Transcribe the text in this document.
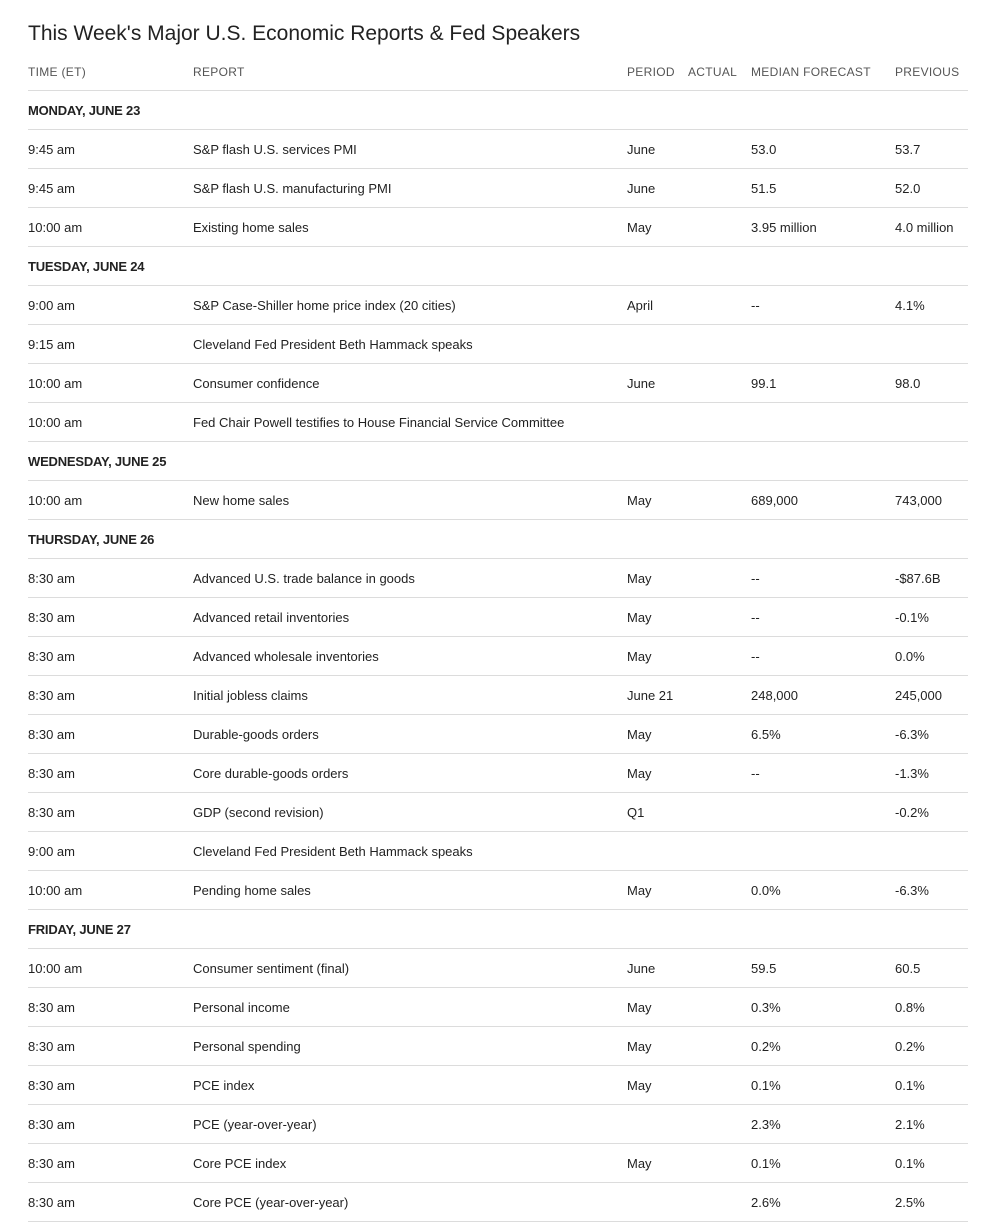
This Week's Major U.S. Economic Reports & Fed Speakers
TIME (ET)	REPORT	PERIOD	ACTUAL	MEDIAN FORECAST	PREVIOUS
MONDAY, JUNE 23					
9:45 am	S&P flash U.S. services PMI	June		53.0	53.7
9:45 am	S&P flash U.S. manufacturing PMI	June		51.5	52.0
10:00 am	Existing home sales	May		3.95 million	4.0 million
TUESDAY, JUNE 24					
9:00 am	S&P Case-Shiller home price index (20 cities)	April		--	4.1%
9:15 am	Cleveland Fed President Beth Hammack speaks				
10:00 am	Consumer confidence	June		99.1	98.0
10:00 am	Fed Chair Powell testifies to House Financial Service Committee				
WEDNESDAY, JUNE 25					
10:00 am	New home sales	May		689,000	743,000
THURSDAY, JUNE 26					
8:30 am	Advanced U.S. trade balance in goods	May		--	-$87.6B
8:30 am	Advanced retail inventories	May		--	-0.1%
8:30 am	Advanced wholesale inventories	May		--	0.0%
8:30 am	Initial jobless claims	June 21		248,000	245,000
8:30 am	Durable-goods orders	May		6.5%	-6.3%
8:30 am	Core durable-goods orders	May		--	-1.3%
8:30 am	GDP (second revision)	Q1			-0.2%
9:00 am	Cleveland Fed President Beth Hammack speaks				
10:00 am	Pending home sales	May		0.0%	-6.3%
FRIDAY, JUNE 27					
10:00 am	Consumer sentiment (final)	June		59.5	60.5
8:30 am	Personal income	May		0.3%	0.8%
8:30 am	Personal spending	May		0.2%	0.2%
8:30 am	PCE index	May		0.1%	0.1%
8:30 am	PCE (year-over-year)			2.3%	2.1%
8:30 am	Core PCE index	May		0.1%	0.1%
8:30 am	Core PCE (year-over-year)			2.6%	2.5%
